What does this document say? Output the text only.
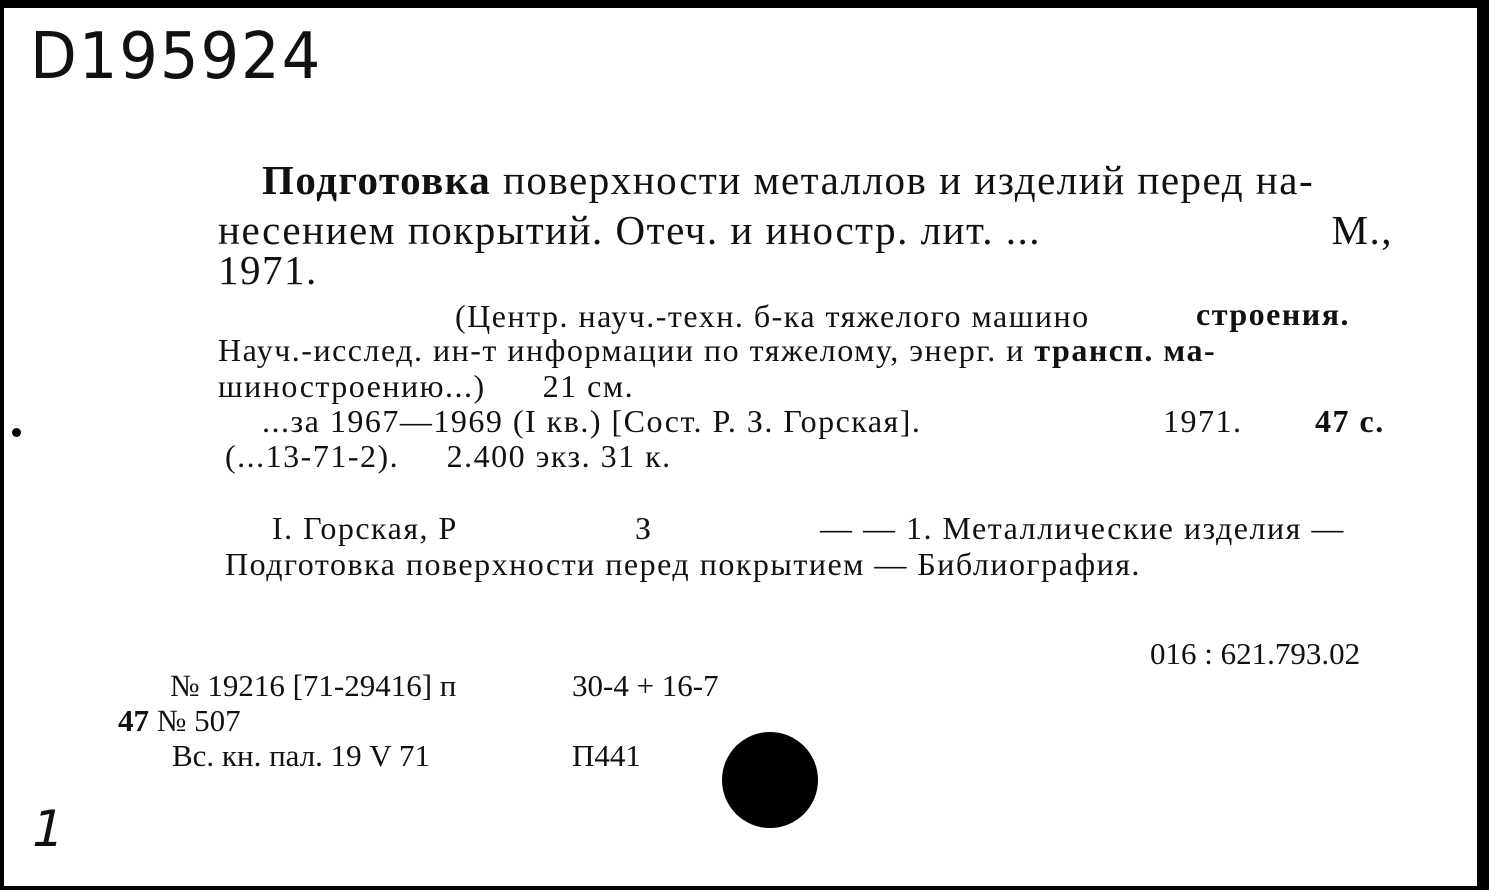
D195924
Подготовка поверхности металлов и изделий перед на-
несением покрытий. Отеч. и иностр. лит. ...	М.,
1971.
(Центр. науч.-техн. б-ка тяжелого машино	строения.
Науч.-исслед. ин-т информации по тяжелому, энерг. и трансп. ма-
шиностроению...)      21 см.
...за 1967—1969 (I кв.) [Сост. Р. З. Горская].	1971. 47 с.
(...13-71-2).     2.400 экз. 31 к.
I. Горская, Р	З	— — 1. Металлические изделия —
Подготовка поверхности перед покрытием — Библиография.
016 : 621.793.02
№ 19216 [71-29416] п	30-4 + 16-7
47 № 507
Вс. кн. пал. 19 V 71	П441
1
